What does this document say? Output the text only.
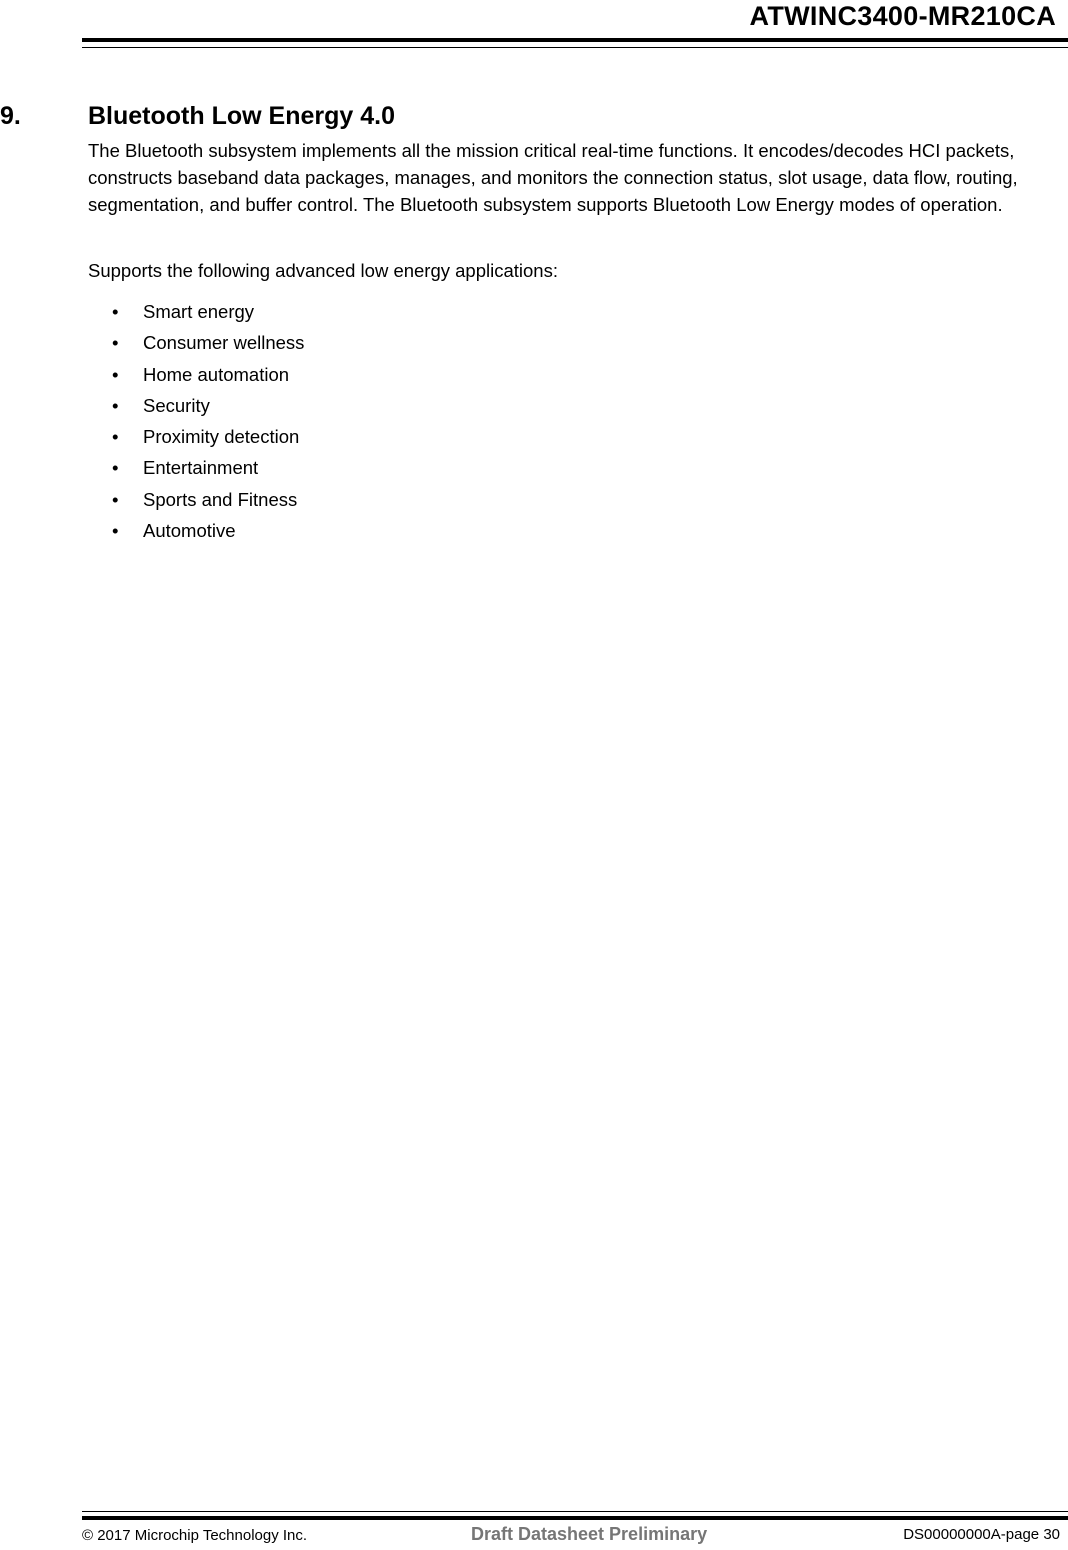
ATWINC3400-MR210CA
9.	Bluetooth Low Energy 4.0
The Bluetooth subsystem implements all the mission critical real-time functions. It encodes/decodes HCI packets, constructs baseband data packages, manages, and monitors the connection status, slot usage, data flow, routing, segmentation, and buffer control. The Bluetooth subsystem supports Bluetooth Low Energy modes of operation.
Supports the following advanced low energy applications:
• Smart energy
• Consumer wellness
• Home automation
• Security
• Proximity detection
• Entertainment
• Sports and Fitness
• Automotive
© 2017 Microchip Technology Inc.	Draft Datasheet Preliminary	DS00000000A-page 30
